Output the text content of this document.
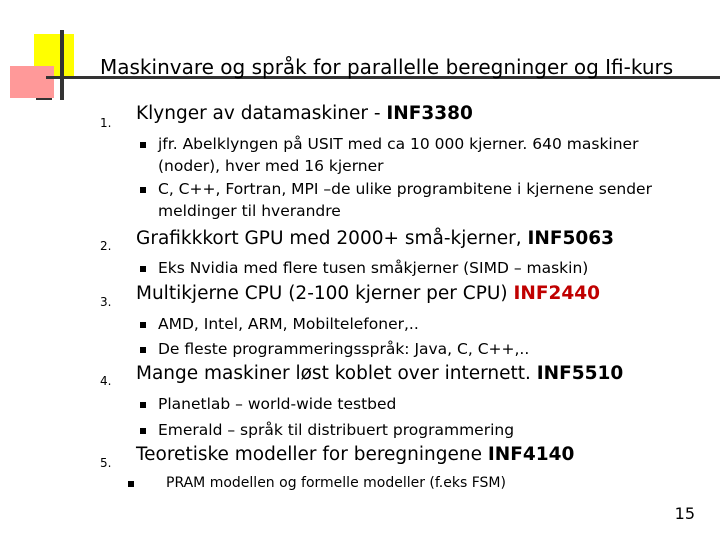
Maskinvare og språk for parallelle beregninger og Ifi-kurs
1. Klynger av datamaskiner - INF3380
jfr. Abelklyngen på USIT med ca 10 000 kjerner. 640 maskiner
(noder), hver med 16 kjerner
C, C++, Fortran, MPI –de ulike programbitene i kjernene sender
meldinger til hverandre
2. Grafikkkort GPU med 2000+ små-kjerner, INF5063
Eks Nvidia med flere tusen småkjerner (SIMD – maskin)
3. Multikjerne CPU (2-100 kjerner per CPU) INF2440
AMD, Intel, ARM, Mobiltelefoner,..
De fleste programmeringsspråk: Java, C, C++,..
4. Mange maskiner løst koblet over internett. INF5510
Planetlab – world-wide testbed
Emerald – språk til distribuert programmering
5. Teoretiske modeller for beregningene INF4140
PRAM modellen og formelle modeller (f.eks FSM)
15
